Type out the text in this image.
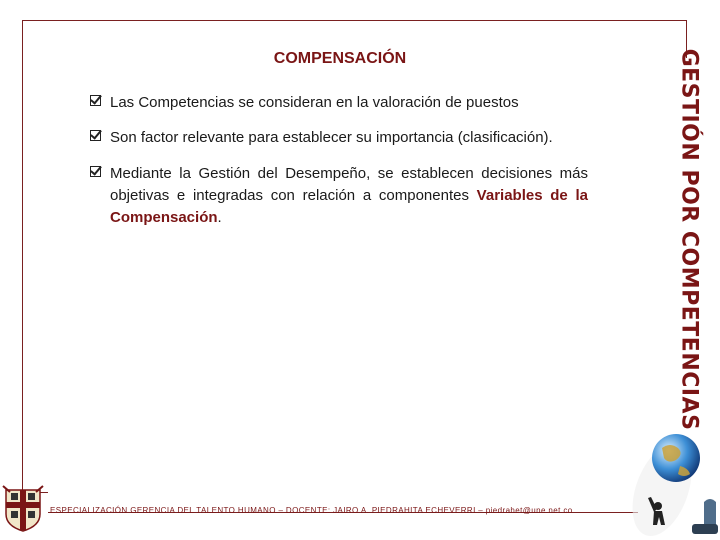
COMPENSACIÓN	GESTIÓN POR COMPETENCIAS
Las Competencias se consideran en la valoración de puestos
Son factor relevante para establecer su importancia (clasificación).
Mediante la Gestión del Desempeño, se establecen decisiones más objetivas e integradas con relación a componentes Variables de la Compensación.
ESPECIALIZACIÓN GERENCIA DEL TALENTO HUMANO – DOCENTE: JAIRO A. PIEDRAHITA ECHEVERRI – piedrahet@une.net.co
